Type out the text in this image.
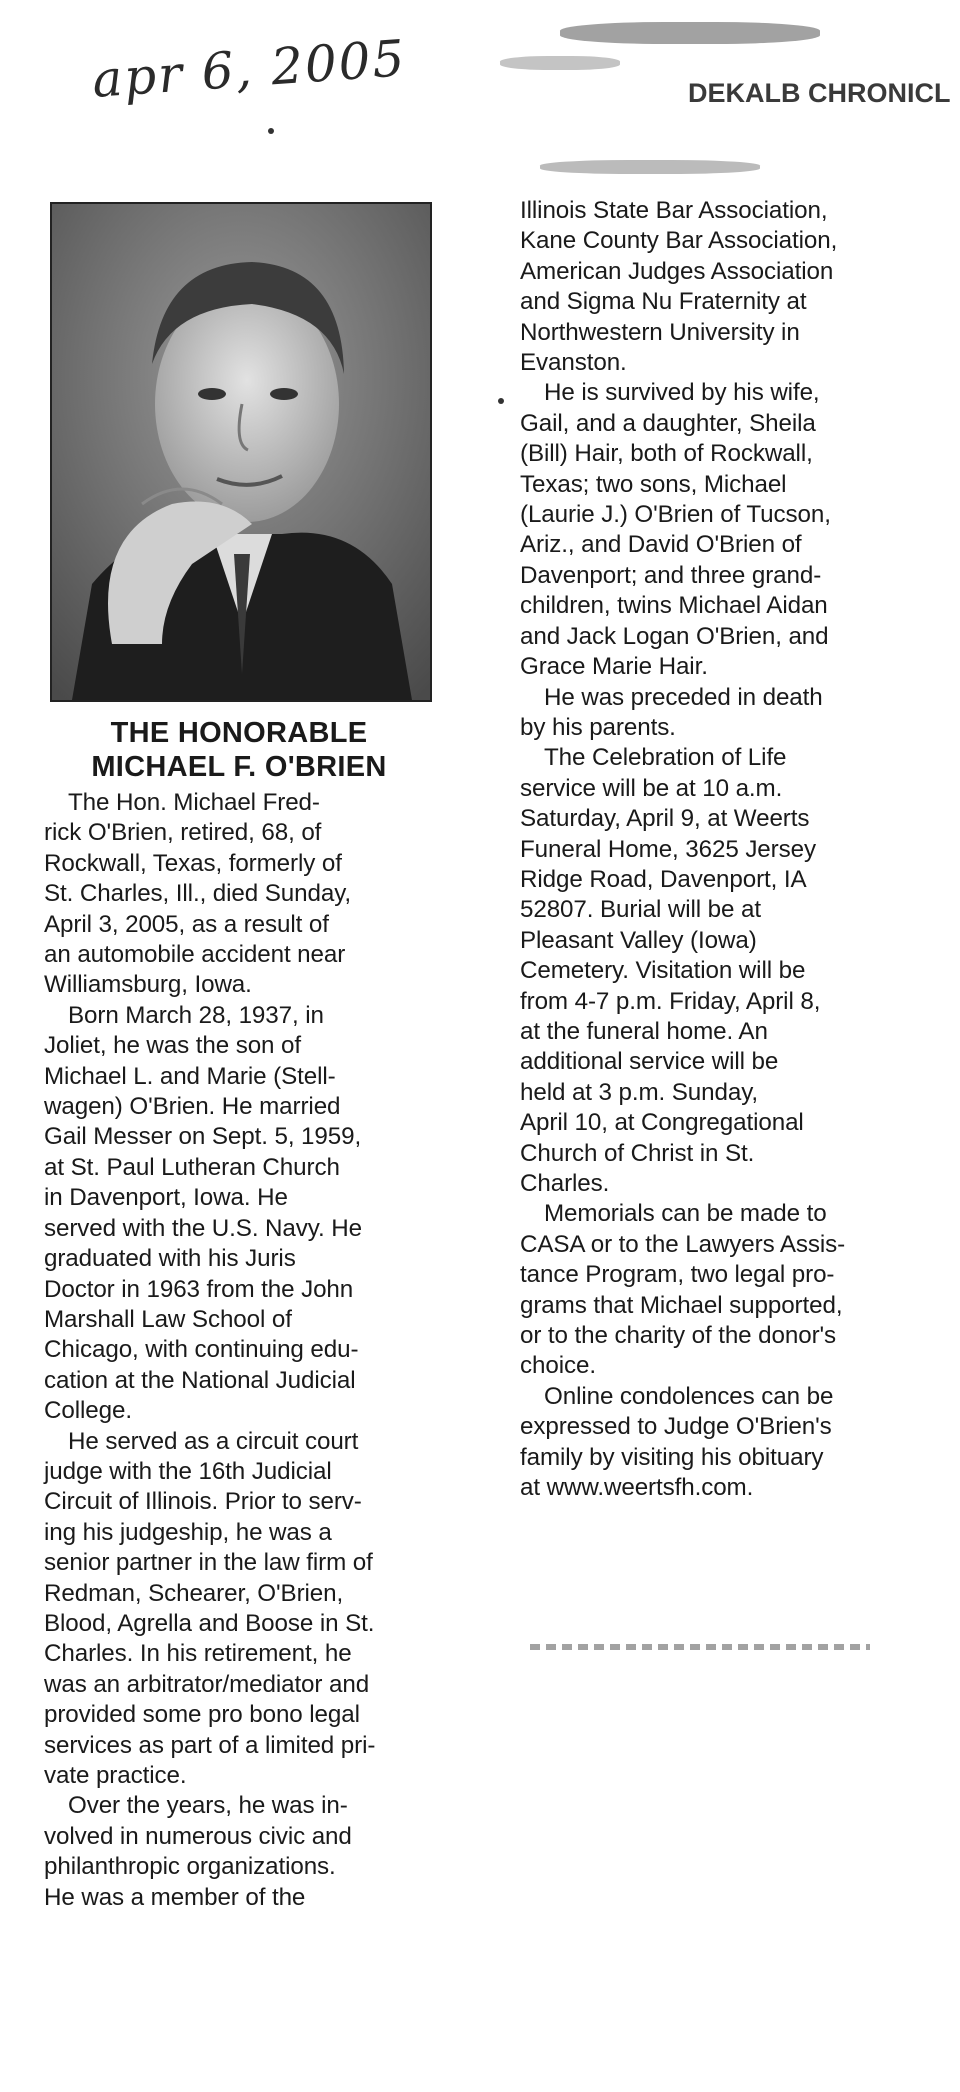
apr 6, 2005	DEKALB CHRONICL
THE HONORABLE
MICHAEL F. O'BRIEN
The Hon. Michael Fred-
rick O'Brien, retired, 68, of
Rockwall, Texas, formerly of
St. Charles, Ill., died Sunday,
April 3, 2005, as a result of
an automobile accident near
Williamsburg, Iowa.
Born March 28, 1937, in
Joliet, he was the son of
Michael L. and Marie (Stell-
wagen) O'Brien. He married
Gail Messer on Sept. 5, 1959,
at St. Paul Lutheran Church
in Davenport, Iowa. He
served with the U.S. Navy. He
graduated with his Juris
Doctor in 1963 from the John
Marshall Law School of
Chicago, with continuing edu-
cation at the National Judicial
College.
He served as a circuit court
judge with the 16th Judicial
Circuit of Illinois. Prior to serv-
ing his judgeship, he was a
senior partner in the law firm of
Redman, Schearer, O'Brien,
Blood, Agrella and Boose in St.
Charles. In his retirement, he
was an arbitrator/mediator and
provided some pro bono legal
services as part of a limited pri-
vate practice.
Over the years, he was in-
volved in numerous civic and
philanthropic organizations.
He was a member of the
Illinois State Bar Association,
Kane County Bar Association,
American Judges Association
and Sigma Nu Fraternity at
Northwestern University in
Evanston.
He is survived by his wife,
Gail, and a daughter, Sheila
(Bill) Hair, both of Rockwall,
Texas; two sons, Michael
(Laurie J.) O'Brien of Tucson,
Ariz., and David O'Brien of
Davenport; and three grand-
children, twins Michael Aidan
and Jack Logan O'Brien, and
Grace Marie Hair.
He was preceded in death
by his parents.
The Celebration of Life
service will be at 10 a.m.
Saturday, April 9, at Weerts
Funeral Home, 3625 Jersey
Ridge Road, Davenport, IA
52807. Burial will be at
Pleasant Valley (Iowa)
Cemetery. Visitation will be
from 4-7 p.m. Friday, April 8,
at the funeral home. An
additional service will be
held at 3 p.m. Sunday,
April 10, at Congregational
Church of Christ in St.
Charles.
Memorials can be made to
CASA or to the Lawyers Assis-
tance Program, two legal pro-
grams that Michael supported,
or to the charity of the donor's
choice.
Online condolences can be
expressed to Judge O'Brien's
family by visiting his obituary
at www.weertsfh.com.
